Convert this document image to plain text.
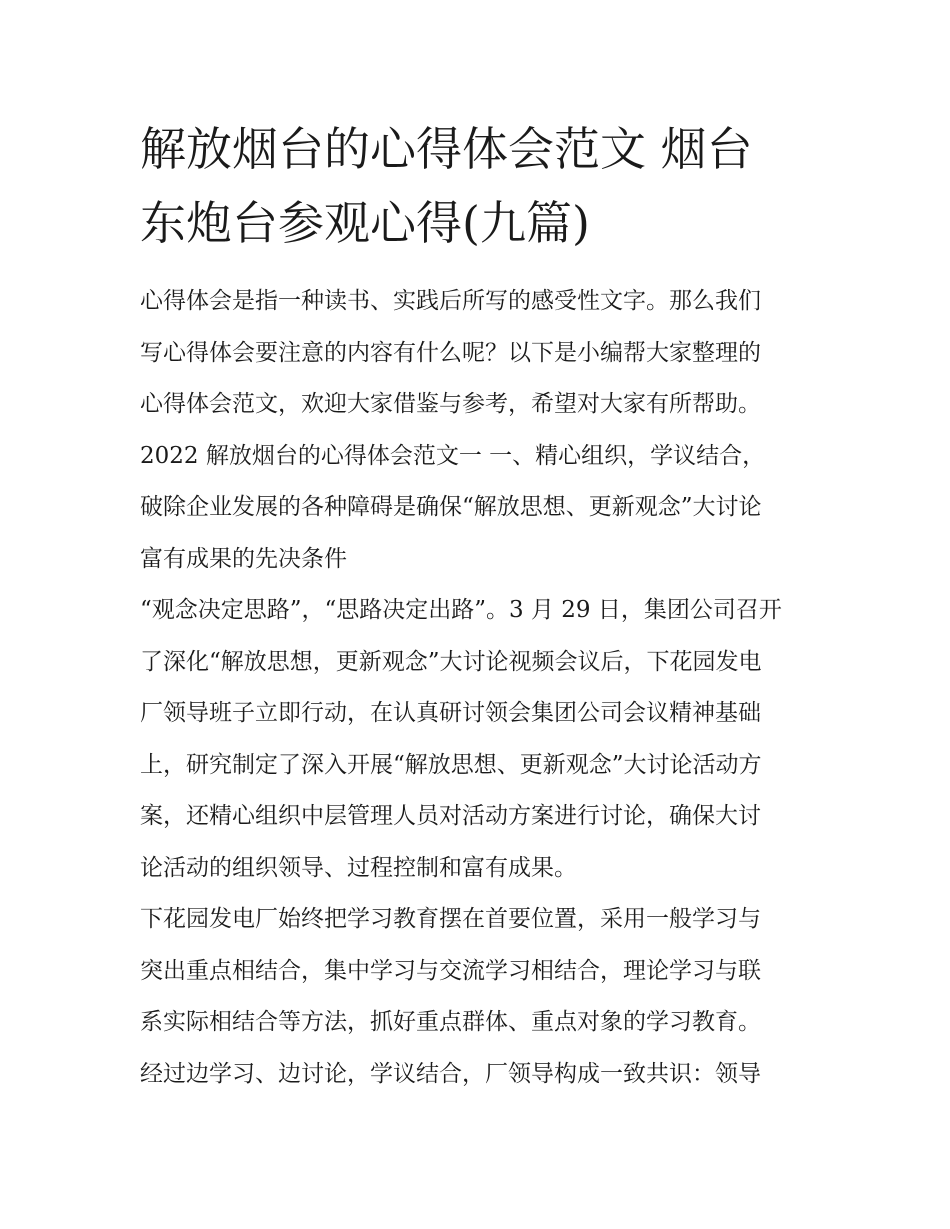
解放烟台的心得体会范文 烟台
东炮台参观心得(九篇)

心得体会是指一种读书、实践后所写的感受性文字。那么我们
写心得体会要注意的内容有什么呢？以下是小编帮大家整理的
心得体会范文，欢迎大家借鉴与参考，希望对大家有所帮助。

2022 解放烟台的心得体会范文一 一、精心组织，学议结合，
破除企业发展的各种障碍是确保“解放思想、更新观念”大讨论
富有成果的先决条件

“观念决定思路”，“思路决定出路”。3 月 29 日，集团公司召开
了深化“解放思想，更新观念”大讨论视频会议后，下花园发电
厂领导班子立即行动，在认真研讨领会集团公司会议精神基础
上，研究制定了深入开展“解放思想、更新观念”大讨论活动方
案，还精心组织中层管理人员对活动方案进行讨论，确保大讨
论活动的组织领导、过程控制和富有成果。

下花园发电厂始终把学习教育摆在首要位置，采用一般学习与
突出重点相结合，集中学习与交流学习相结合，理论学习与联
系实际相结合等方法，抓好重点群体、重点对象的学习教育。
经过边学习、边讨论，学议结合，厂领导构成一致共识：领导
